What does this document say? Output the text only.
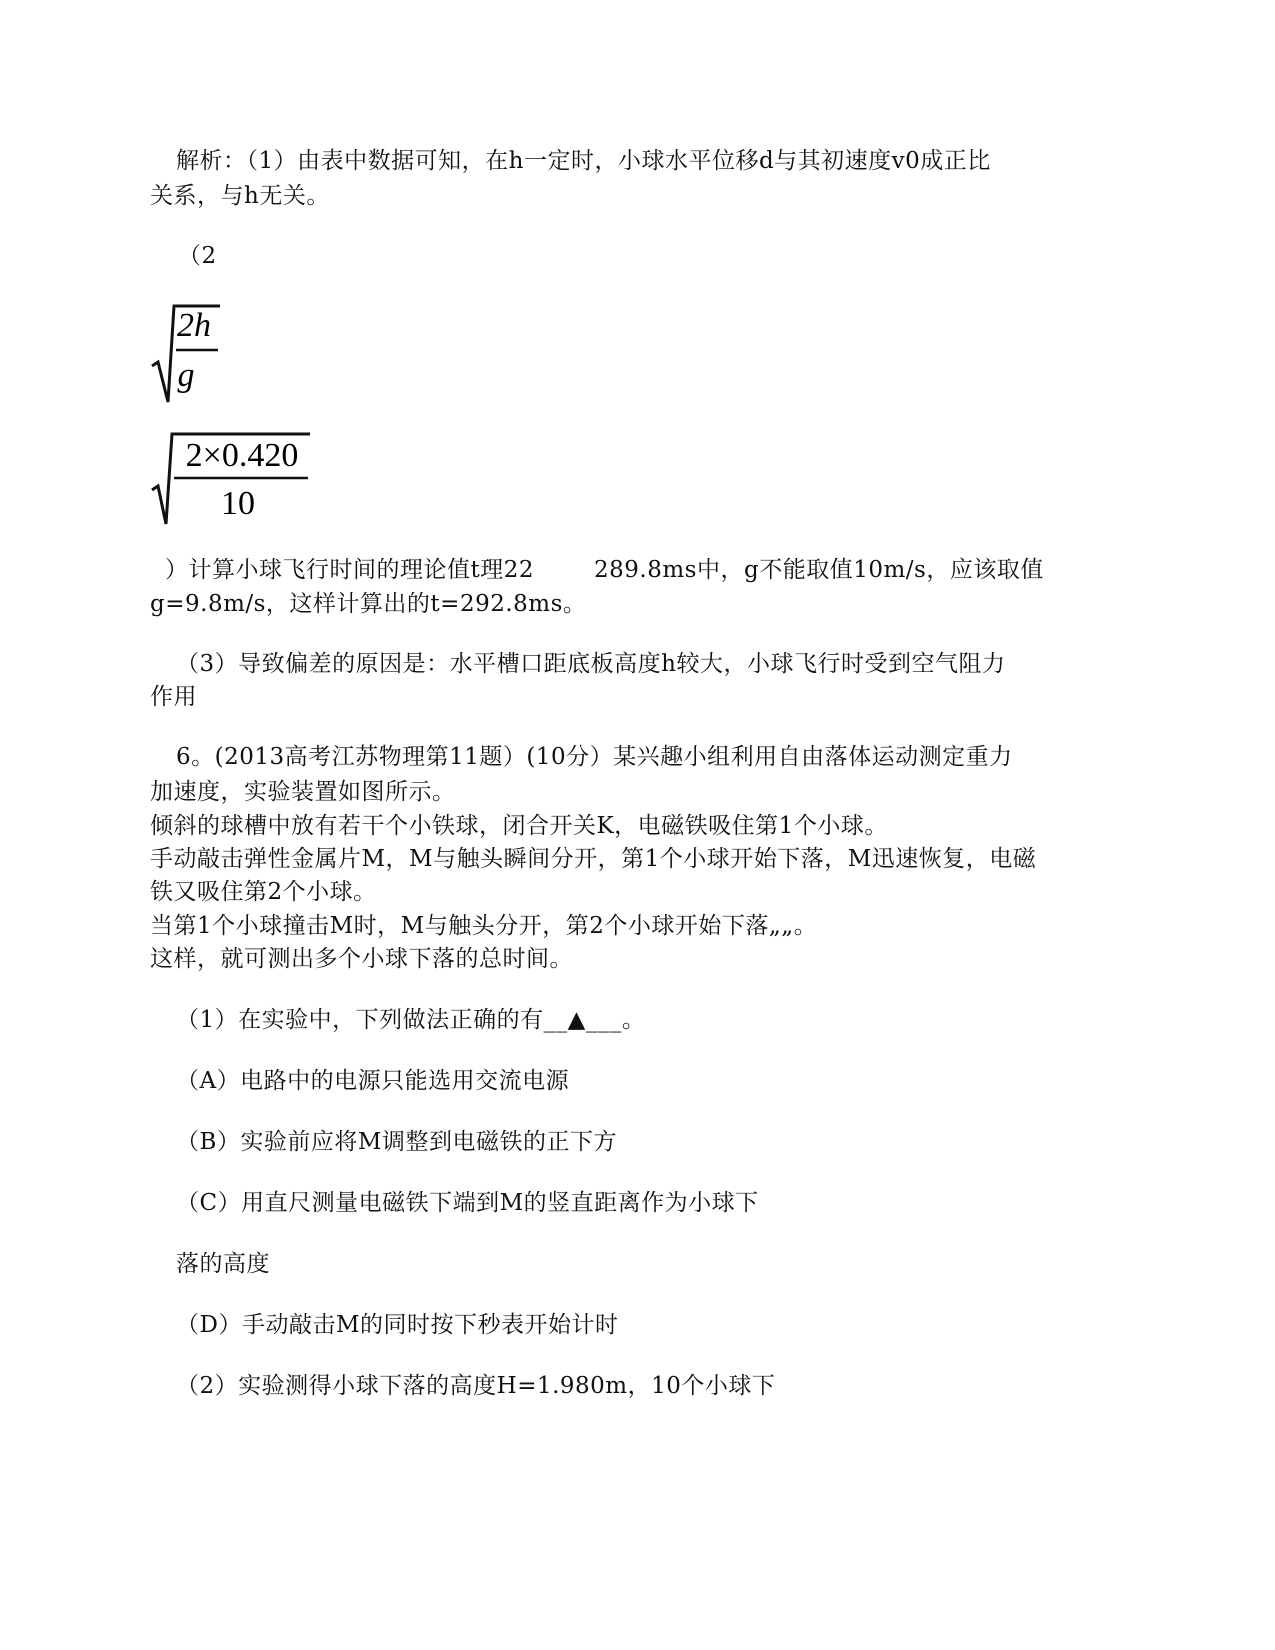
解析：（1）由表中数据可知，在h一定时，小球水平位移d与其初速度v0成正比
关系，与h无关。
（2
2h
g
2×0.420
10
）计算小球飞行时间的理论值t理22	289.8ms中，g不能取值10m/s，应该取值
g=9.8m/s，这样计算出的t=292.8ms。
（3）导致偏差的原因是：水平槽口距底板高度h较大，小球飞行时受到空气阻力
作用
6。(2013高考江苏物理第11题）(10分）某兴趣小组利用自由落体运动测定重力
加速度，实验装置如图所示。
倾斜的球槽中放有若干个小铁球，闭合开关K，电磁铁吸住第1个小球。
手动敲击弹性金属片M，M与触头瞬间分开，第1个小球开始下落，M迅速恢复，电磁
铁又吸住第2个小球。
当第1个小球撞击M时，M与触头分开，第2个小球开始下落„„。
这样，就可测出多个小球下落的总时间。
（1）在实验中，下列做法正确的有__▲___。
（A）电路中的电源只能选用交流电源
（B）实验前应将M调整到电磁铁的正下方
（C）用直尺测量电磁铁下端到M的竖直距离作为小球下
落的高度
（D）手动敲击M的同时按下秒表开始计时
（2）实验测得小球下落的高度H=1.980m，10个小球下
